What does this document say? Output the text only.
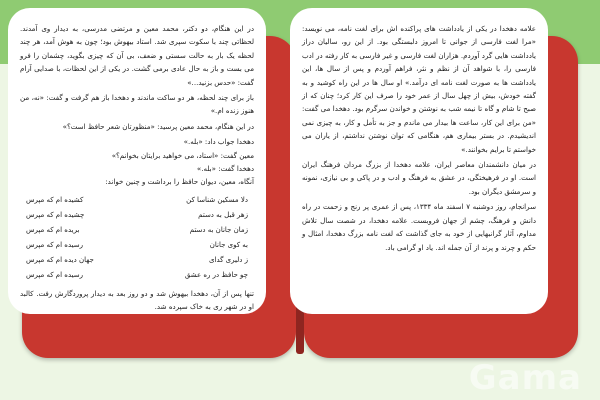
در این هنگام، دو دکتر، محمد معین و مرتضی مدرسی، به دیدار وی آمدند. لحظاتی چند با سکوت سپری شد. استاد بیهوش بود؛ چون به هوش آمد، هر چند لحظه یک بار به حالت سستی و ضعف، بی آن که چیزی بگوید، چشمان را فرو می بست و باز به حال عادی برمی گشت. در یکی از این لحظات، با صدایی آرام گفت: «حدس بزنید...»

باز برای چند لحظه، هر دو ساکت ماندند و دهخدا باز هم گرفت و گفت: «نه، من هنوز زنده ام.»

در این هنگام، محمد معین پرسید: «منظورتان شعر حافظ است؟»

دهخدا جواب داد: «بله.»

معین گفت: «استاد، می خواهید برایتان بخوانم؟»

دهخدا گفت: «بله.»

آنگاه، معین، دیوان حافظ را برداشت و چنین خواند:

دلا مسکین شناسا کن
کشیده ام که مپرس
زهر قبل به دستم
چشیده ام که مپرس
زمان جانان به دستم
بریده ام که مپرس
به کوی جانان
رسیده ام که مپرس
ز دلیری گدای
جهان دیده ام که مپرس
چو حافظ در ره عشق
رسیده ام که مپرس

تنها پس از آن، دهخدا بیهوش شد و دو روز بعد به دیدار پروردگارش رفت. کالبد او در شهر ری به خاک سپرده شد.

علامه دهخدا در یکی از یادداشت های پراکنده اش برای لغت نامه، می نویسد: «مرا لغت فارسی از جوانی تا امروز دلبستگی بود. از این رو، سالیان دراز یادداشت هایی گرد آوردم. هزاران لغت فارسی و غیر فارسی به کار رفته در ادب فارسی را، با شواهد آن از نظم و نثر، فراهم آوردم و پس از سال ها، این یادداشت ها به صورت لغت نامه ای درآمد.» او سال ها در این راه کوشید و به گفته خودش، بیش از چهل سال از عمر خود را صرف این کار کرد؛ چنان که از صبح تا شام و گاه تا نیمه شب به نوشتن و خواندن سرگرم بود. دهخدا می گفت: «من برای این کار، ساعت ها بیدار می ماندم و جز به تأمل و کار، به چیزی نمی اندیشیدم. در بستر بیماری هم، هنگامی که توان نوشتن نداشتم، از یاران می خواستم تا برایم بخوانند.»

در میان دانشمندان معاصر ایران، علامه دهخدا از بزرگ مردان فرهنگ ایران است. او در فرهیختگی، در عشق به فرهنگ و ادب و در پاکی و بی نیازی، نمونه و سرمشق دیگران بود.

سرانجام، روز دوشنبه ۷ اسفند ماه ۱۳۳۴، پس از عمری پر رنج و زحمت در راه دانش و فرهنگ، چشم از جهان فروبست. علامه دهخدا، در شصت سال تلاش مداوم، آثار گرانبهایی از خود به جای گذاشت که لغت نامه بزرگ دهخدا، امثال و حکم و چرند و پرند از آن جمله اند. یاد او گرامی باد.

Gama
